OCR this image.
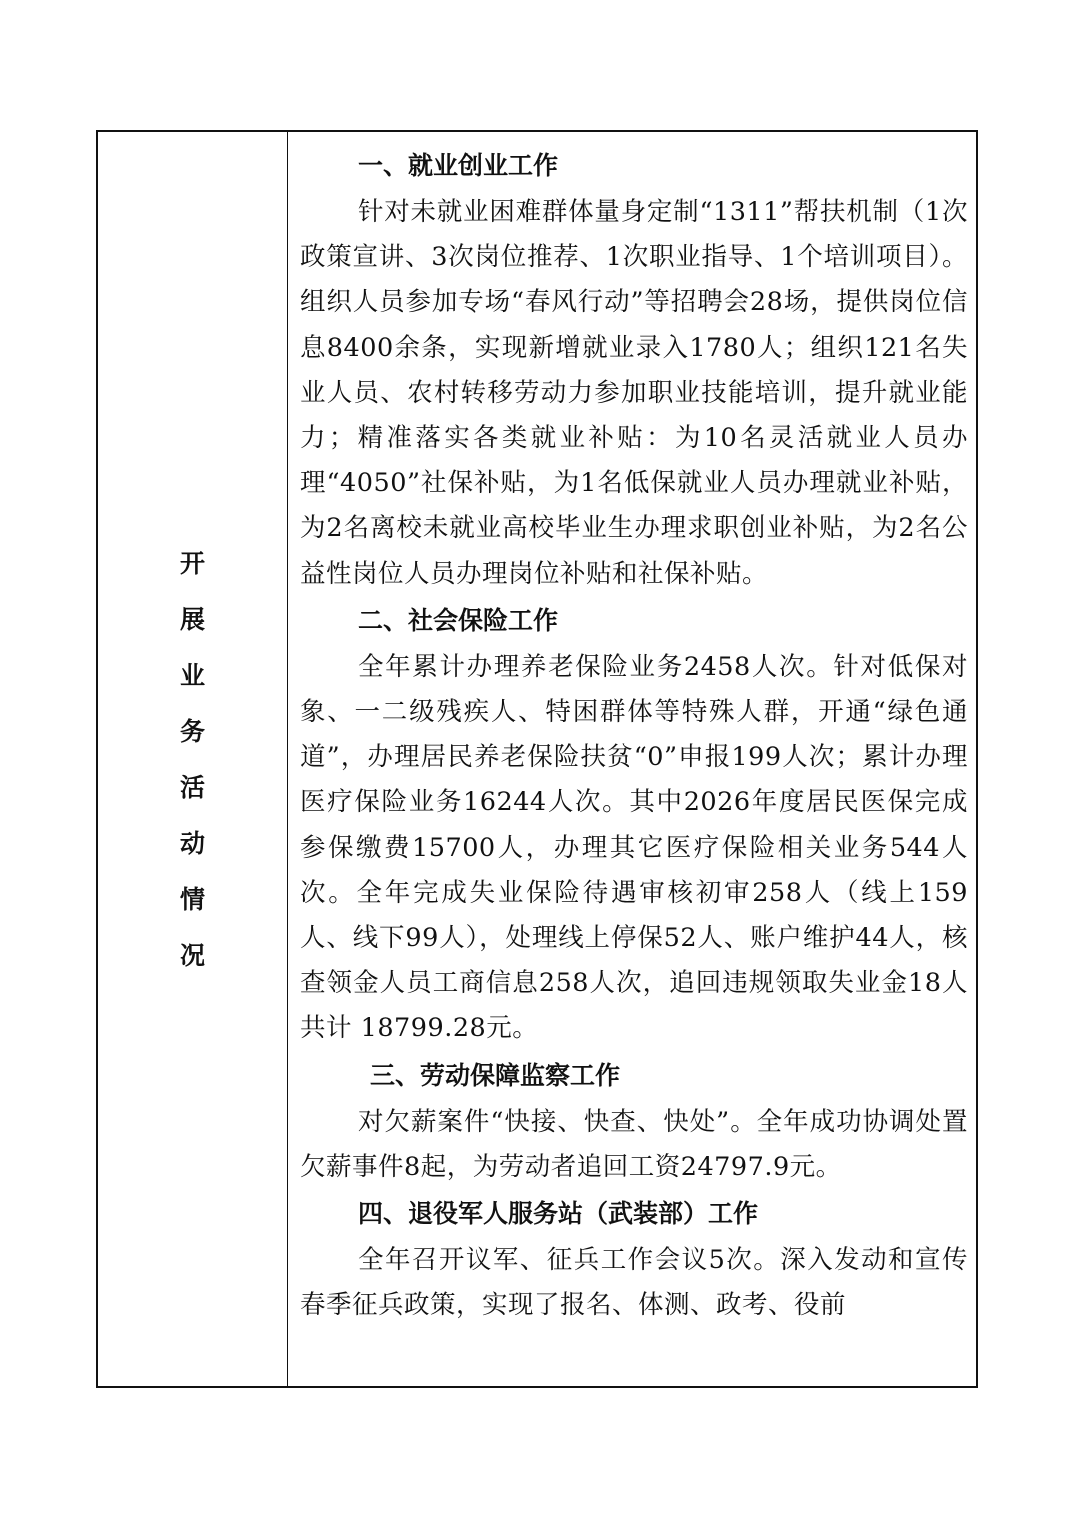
开
展
业
务
活
动
情
况
一、就业创业工作

针对未就业困难群体量身定制“1311”帮扶机制（1次政策宣讲、3次岗位推荐、1次职业指导、1个培训项目）。组织人员参加专场“春风行动”等招聘会28场，提供岗位信息8400余条，实现新增就业录入1780人；组织121名失业人员、农村转移劳动力参加职业技能培训，提升就业能力；精准落实各类就业补贴：为10名灵活就业人员办理“4050”社保补贴，为1名低保就业人员办理就业补贴，为2名离校未就业高校毕业生办理求职创业补贴，为2名公益性岗位人员办理岗位补贴和社保补贴。

二、社会保险工作

全年累计办理养老保险业务2458人次。针对低保对象、一二级残疾人、特困群体等特殊人群，开通“绿色通道”，办理居民养老保险扶贫“0”申报199人次；累计办理医疗保险业务16244人次。其中2026年度居民医保完成参保缴费15700人，办理其它医疗保险相关业务544人次。全年完成失业保险待遇审核初审258人（线上159人、线下99人），处理线上停保52人、账户维护44人，核查领金人员工商信息258人次，追回违规领取失业金18人共计 18799.28元。

三、劳动保障监察工作

对欠薪案件“快接、快查、快处”。全年成功协调处置欠薪事件8起，为劳动者追回工资24797.9元。

四、退役军人服务站（武装部）工作

全年召开议军、征兵工作会议5次。深入发动和宣传春季征兵政策，实现了报名、体测、政考、役前
